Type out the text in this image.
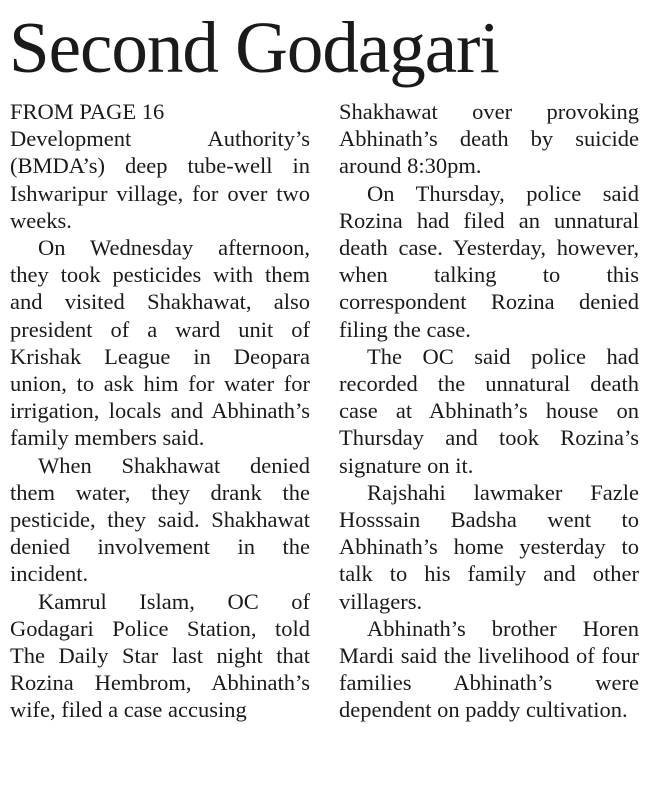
Second Godagari
FROM PAGE 16

Development Authority’s (BMDA’s) deep tube-well in Ishwaripur village, for over two weeks.

On Wednesday afternoon, they took pesticides with them and visited Shakhawat, also president of a ward unit of Krishak League in Deopara union, to ask him for water for irrigation, locals and Abhinath’s family members said.

When Shakhawat denied them water, they drank the pesticide, they said. Shakhawat denied involvement in the incident.

Kamrul Islam, OC of Godagari Police Station, told The Daily Star last night that Rozina Hembrom, Abhinath’s wife, filed a case accusing

Shakhawat over provoking Abhinath’s death by suicide around 8:30pm.

On Thursday, police said Rozina had filed an unnatural death case. Yesterday, however, when talking to this correspondent Rozina denied filing the case.

The OC said police had recorded the unnatural death case at Abhinath’s house on Thursday and took Rozina’s signature on it.

Rajshahi lawmaker Fazle Hosssain Badsha went to Abhinath’s home yesterday to talk to his family and other villagers.

Abhinath’s brother Horen Mardi said the livelihood of four families Abhinath’s were dependent on paddy cultivation.
